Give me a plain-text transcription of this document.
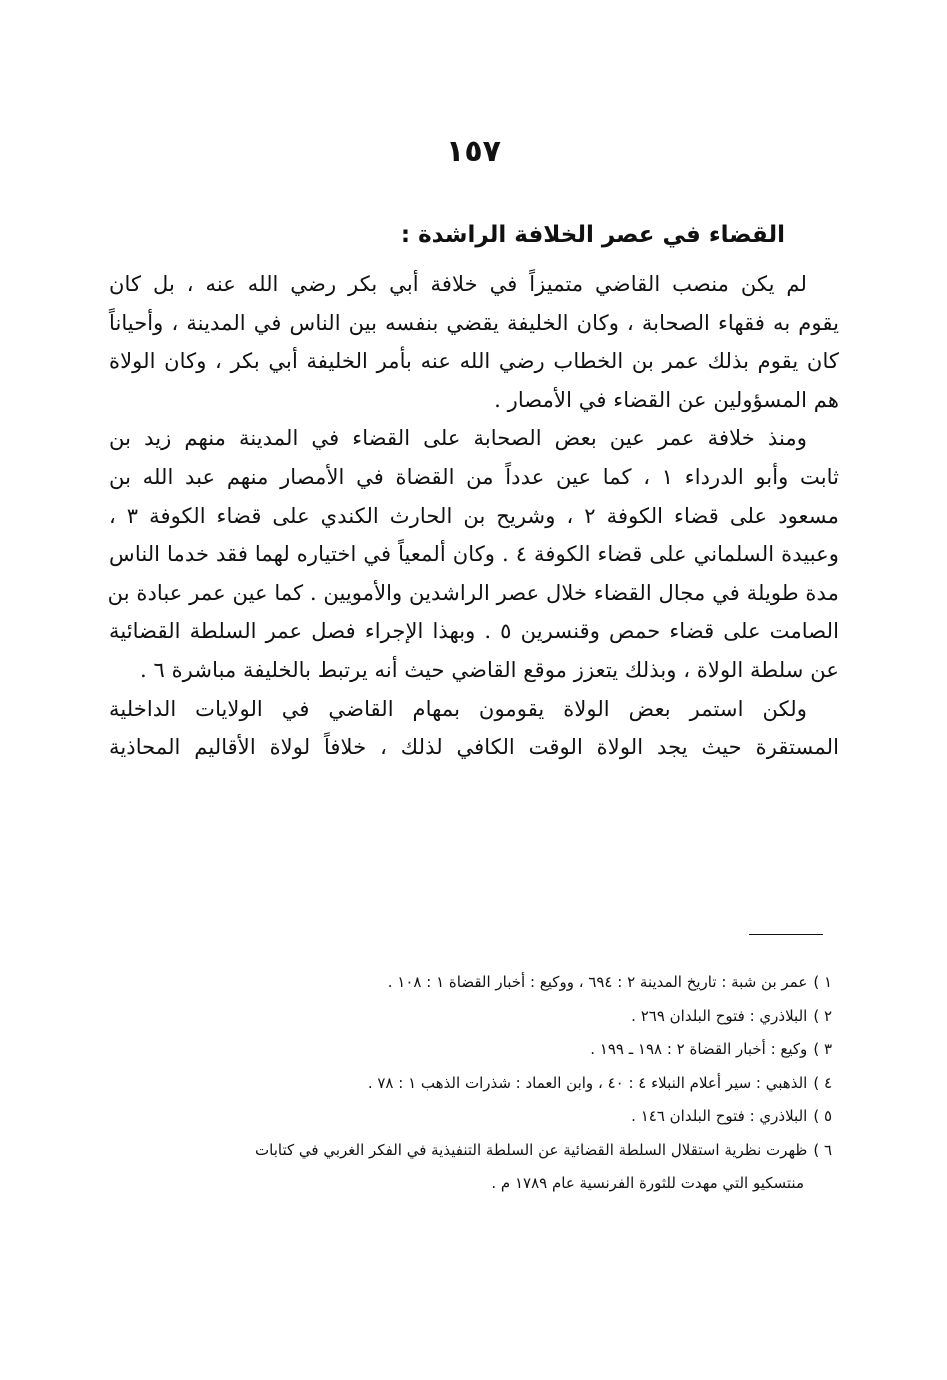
١٥٧
القضاء في عصر الخلافة الراشدة :
لم يكن منصب القاضي متميزاً في خلافة أبي بكر رضي الله عنه ، بل كان
يقوم به فقهاء الصحابة ، وكان الخليفة يقضي بنفسه بين الناس في المدينة ، وأحياناً
كان يقوم بذلك عمر بن الخطاب رضي الله عنه بأمر الخليفة أبي بكر ، وكان الولاة
هم المسؤولين عن القضاء في الأمصار .
ومنذ خلافة عمر عين بعض الصحابة على القضاء في المدينة منهم زيد بن
ثابت وأبو الدرداء ١ ، كما عين عدداً من القضاة في الأمصار منهم عبد الله بن
مسعود على قضاء الكوفة ٢ ، وشريح بن الحارث الكندي على قضاء الكوفة ٣ ،
وعبيدة السلماني على قضاء الكوفة ٤ . وكان ألمعياً في اختياره لهما فقد خدما الناس
مدة طويلة في مجال القضاء خلال عصر الراشدين والأمويين . كما عين عمر عبادة بن
الصامت على قضاء حمص وقنسرين ٥ . وبهذا الإجراء فصل عمر السلطة القضائية
عن سلطة الولاة ، وبذلك يتعزز موقع القاضي حيث أنه يرتبط بالخليفة مباشرة ٦ .
ولكن استمر بعض الولاة يقومون بمهام القاضي في الولايات الداخلية
المستقرة حيث يجد الولاة الوقت الكافي لذلك ، خلافاً لولاة الأقاليم المحاذية
١ )عمر بن شبة : تاريخ المدينة ٢ : ٦٩٤ ، ووكيع : أخبار القضاة ١ : ١٠٨ .
٢ )البلاذري : فتوح البلدان ٢٦٩ .
٣ )وكيع : أخبار القضاة ٢ : ١٩٨ ـ ١٩٩ .
٤ )الذهبي : سير أعلام النبلاء ٤ : ٤٠ ، وابن العماد : شذرات الذهب ١ : ٧٨ .
٥ )البلاذري : فتوح البلدان ١٤٦ .
٦ )ظهرت نظرية استقلال السلطة القضائية عن السلطة التنفيذية في الفكر الغربي في كتابات
منتسكيو التي مهدت للثورة الفرنسية عام ١٧٨٩ م .
